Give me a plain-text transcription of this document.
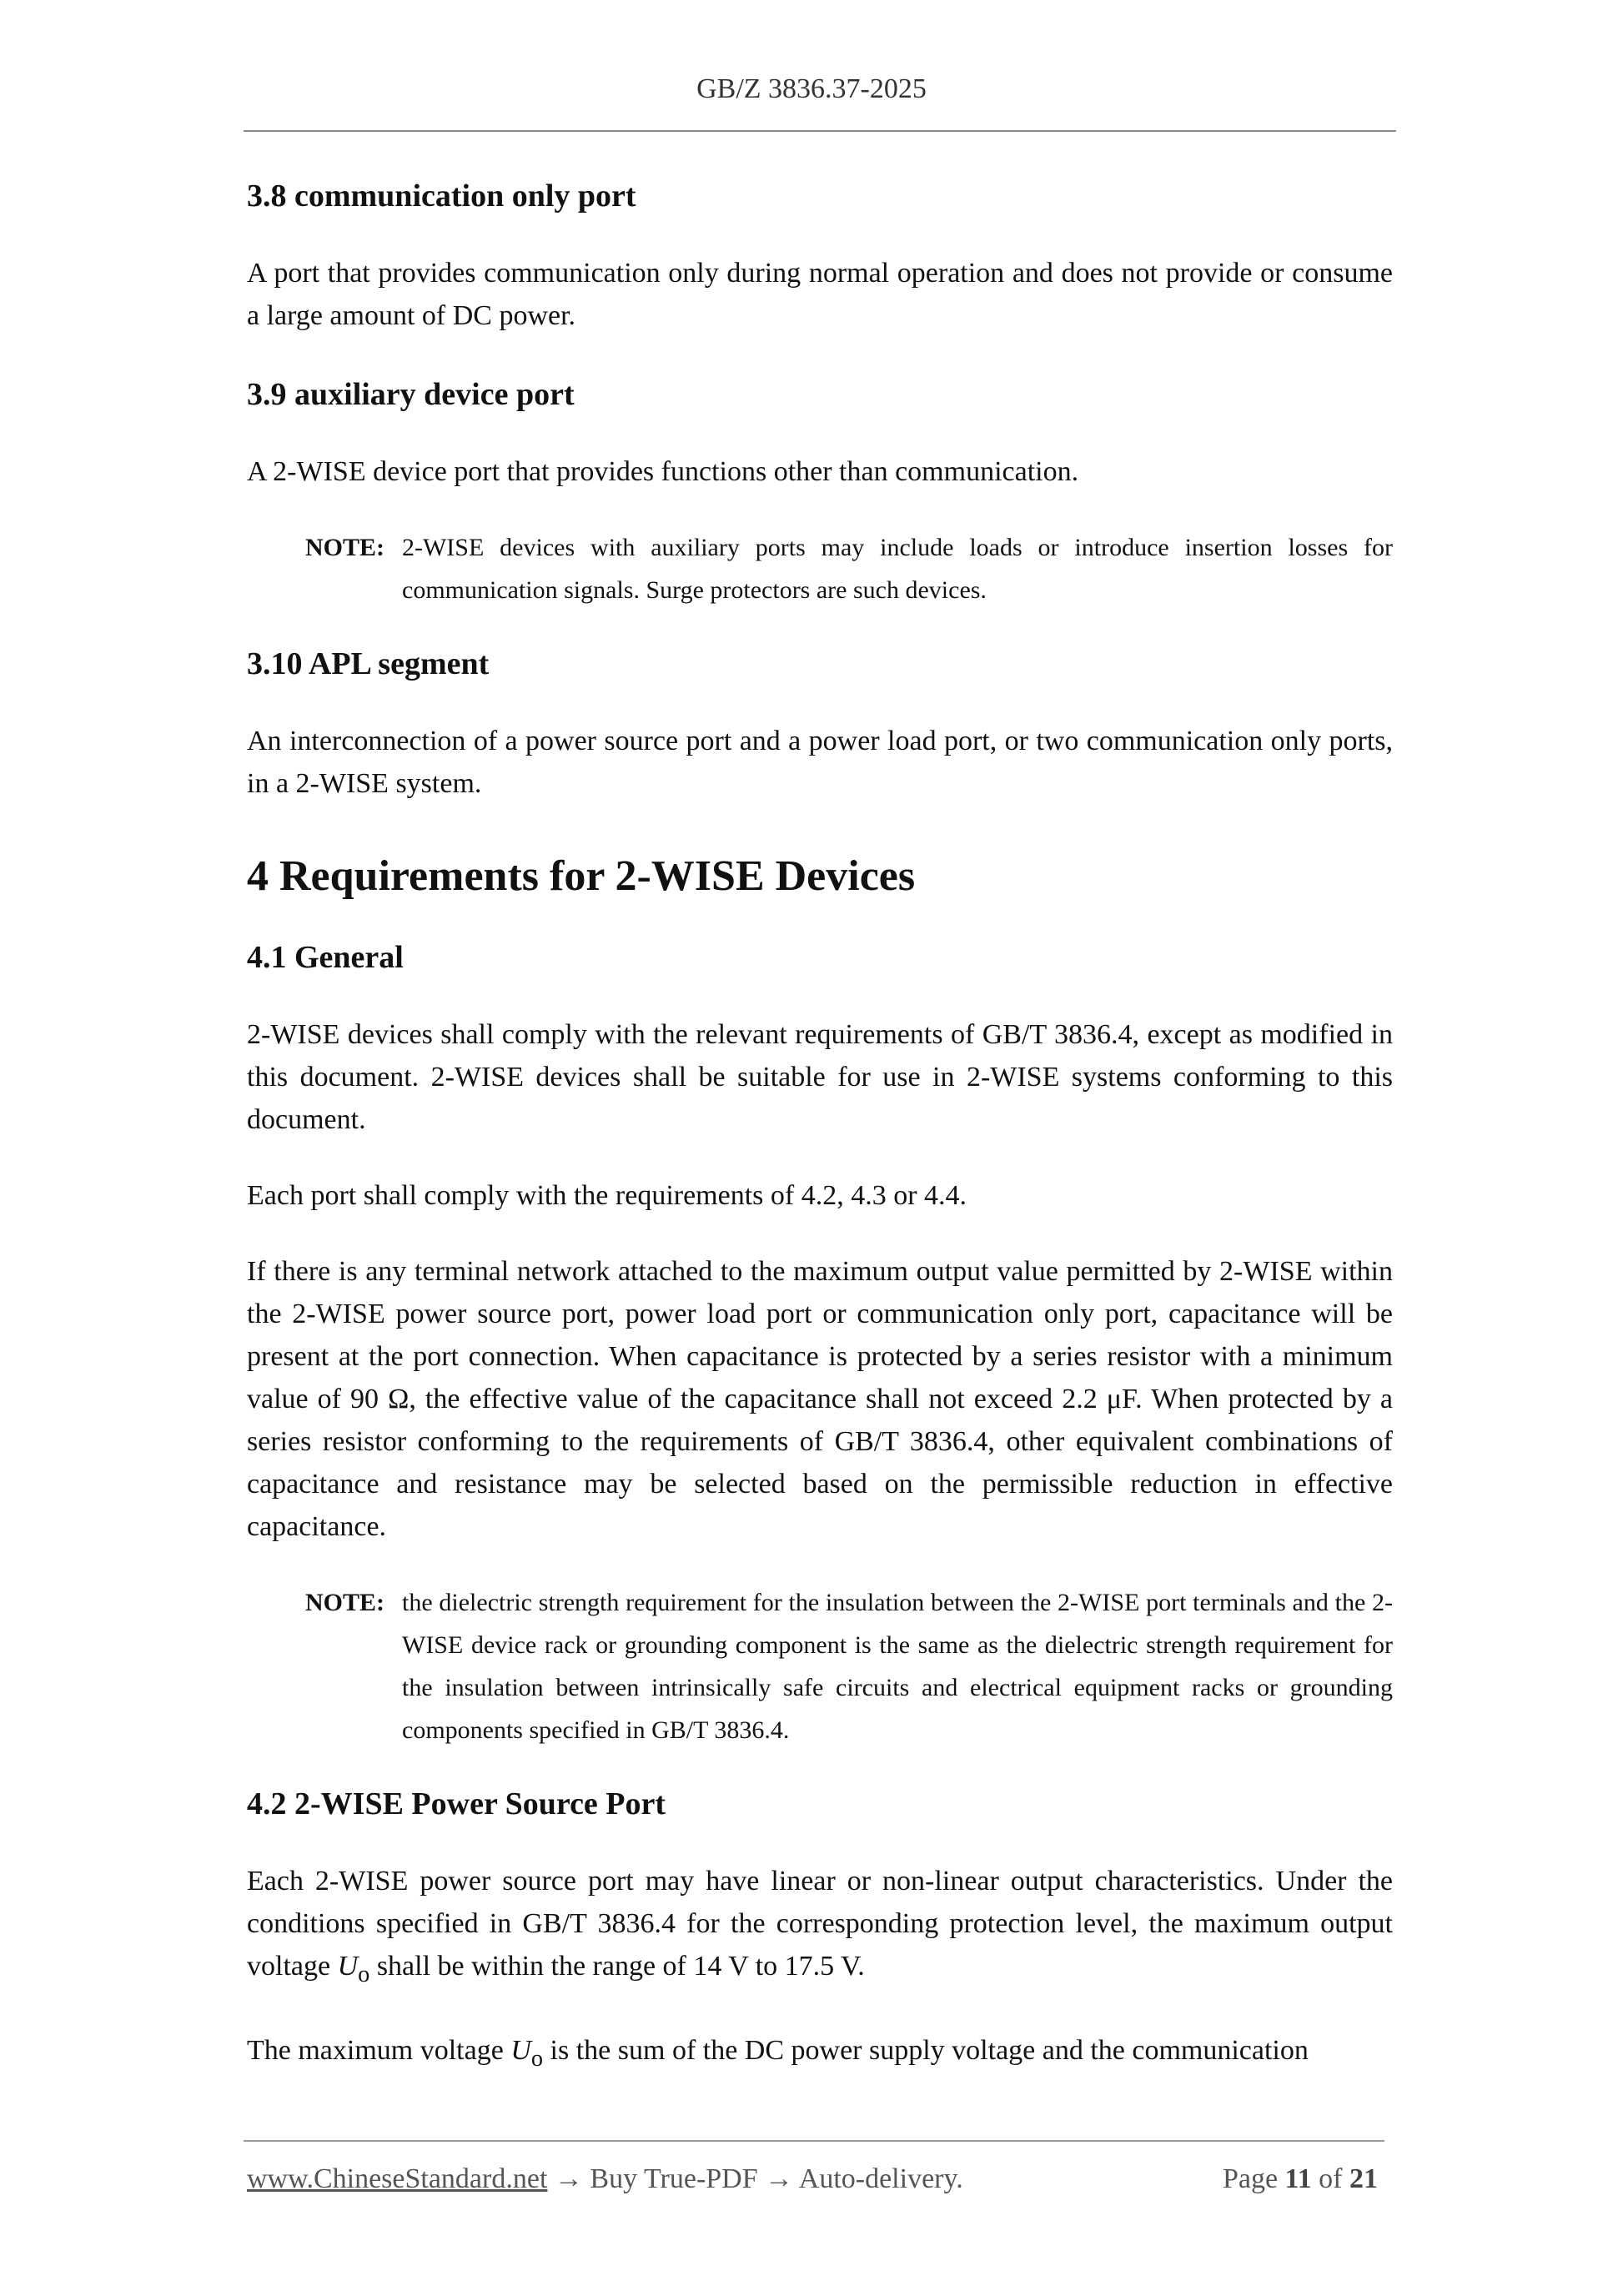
GB/Z 3836.37-2025

3.8 communication only port

A port that provides communication only during normal operation and does not provide or consume a large amount of DC power.

3.9 auxiliary device port

A 2-WISE device port that provides functions other than communication.

NOTE: 2-WISE devices with auxiliary ports may include loads or introduce insertion losses for communication signals. Surge protectors are such devices.

3.10 APL segment

An interconnection of a power source port and a power load port, or two communication only ports, in a 2-WISE system.

4 Requirements for 2-WISE Devices

4.1 General

2-WISE devices shall comply with the relevant requirements of GB/T 3836.4, except as modified in this document. 2-WISE devices shall be suitable for use in 2-WISE systems conforming to this document.

Each port shall comply with the requirements of 4.2, 4.3 or 4.4.

If there is any terminal network attached to the maximum output value permitted by 2-WISE within the 2-WISE power source port, power load port or communication only port, capacitance will be present at the port connection. When capacitance is protected by a series resistor with a minimum value of 90 Ω, the effective value of the capacitance shall not exceed 2.2 μF. When protected by a series resistor conforming to the requirements of GB/T 3836.4, other equivalent combinations of capacitance and resistance may be selected based on the permissible reduction in effective capacitance.

NOTE: the dielectric strength requirement for the insulation between the 2-WISE port terminals and the 2-WISE device rack or grounding component is the same as the dielectric strength requirement for the insulation between intrinsically safe circuits and electrical equipment racks or grounding components specified in GB/T 3836.4.

4.2 2-WISE Power Source Port

Each 2-WISE power source port may have linear or non-linear output characteristics. Under the conditions specified in GB/T 3836.4 for the corresponding protection level, the maximum output voltage $U_o$ shall be within the range of 14 V to 17.5 V.

The maximum voltage $U_o$ is the sum of the DC power supply voltage and the communication

www.ChineseStandard.net → Buy True-PDF → Auto-delivery.	Page 11 of 21
